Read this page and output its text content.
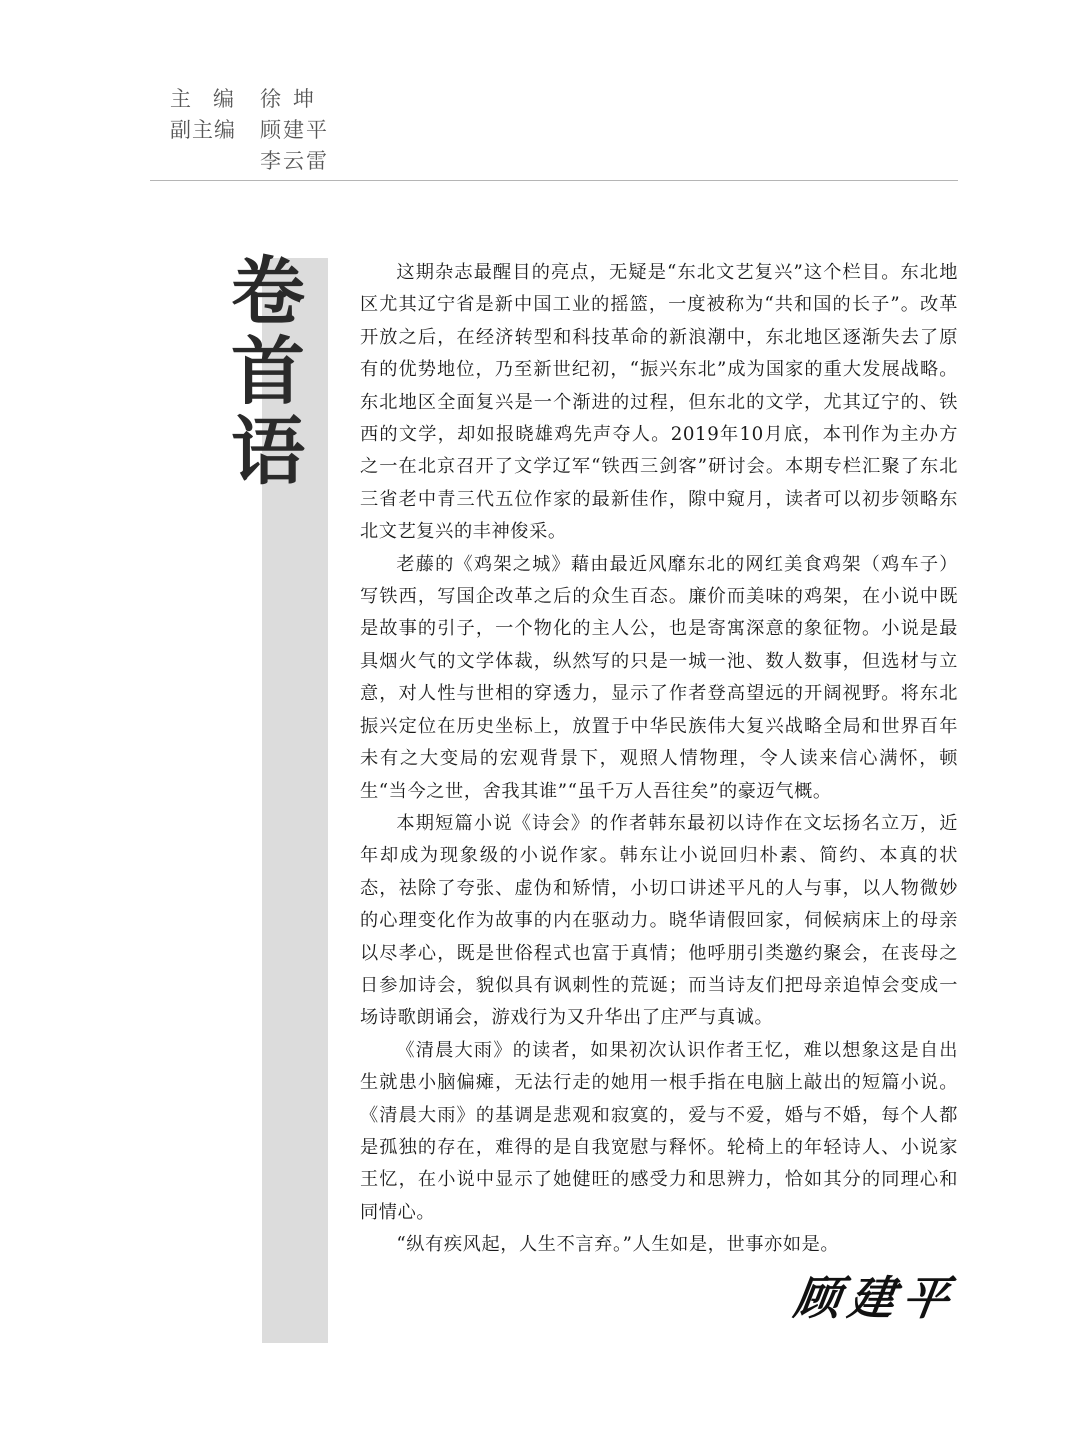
主编 徐坤
副主编	顾建平
李云雷
卷
首
语

这期杂志最醒目的亮点，无疑是“东北文艺复兴”这个栏目。东北地区尤其辽宁省是新中国工业的摇篮，一度被称为“共和国的长子”。改革开放之后，在经济转型和科技革命的新浪潮中，东北地区逐渐失去了原有的优势地位，乃至新世纪初，“振兴东北”成为国家的重大发展战略。东北地区全面复兴是一个渐进的过程，但东北的文学，尤其辽宁的、铁西的文学，却如报晓雄鸡先声夺人。2019年10月底，本刊作为主办方之一在北京召开了文学辽军“铁西三剑客”研讨会。本期专栏汇聚了东北三省老中青三代五位作家的最新佳作，隙中窥月，读者可以初步领略东北文艺复兴的丰神俊采。

老藤的《鸡架之城》藉由最近风靡东北的网红美食鸡架（鸡车子）写铁西，写国企改革之后的众生百态。廉价而美味的鸡架，在小说中既是故事的引子，一个物化的主人公，也是寄寓深意的象征物。小说是最具烟火气的文学体裁，纵然写的只是一城一池、数人数事，但选材与立意，对人性与世相的穿透力，显示了作者登高望远的开阔视野。将东北振兴定位在历史坐标上，放置于中华民族伟大复兴战略全局和世界百年未有之大变局的宏观背景下，观照人情物理，令人读来信心满怀，顿生“当今之世，舍我其谁”“虽千万人吾往矣”的豪迈气概。

本期短篇小说《诗会》的作者韩东最初以诗作在文坛扬名立万，近年却成为现象级的小说作家。韩东让小说回归朴素、简约、本真的状态，祛除了夸张、虚伪和矫情，小切口讲述平凡的人与事，以人物微妙的心理变化作为故事的内在驱动力。晓华请假回家，伺候病床上的母亲以尽孝心，既是世俗程式也富于真情；他呼朋引类邀约聚会，在丧母之日参加诗会，貌似具有讽刺性的荒诞；而当诗友们把母亲追悼会变成一场诗歌朗诵会，游戏行为又升华出了庄严与真诚。

《清晨大雨》的读者，如果初次认识作者王忆，难以想象这是自出生就患小脑偏瘫，无法行走的她用一根手指在电脑上敲出的短篇小说。《清晨大雨》的基调是悲观和寂寞的，爱与不爱，婚与不婚，每个人都是孤独的存在，难得的是自我宽慰与释怀。轮椅上的年轻诗人、小说家王忆，在小说中显示了她健旺的感受力和思辨力，恰如其分的同理心和同情心。

“纵有疾风起，人生不言弃。”人生如是，世事亦如是。

顾建平
